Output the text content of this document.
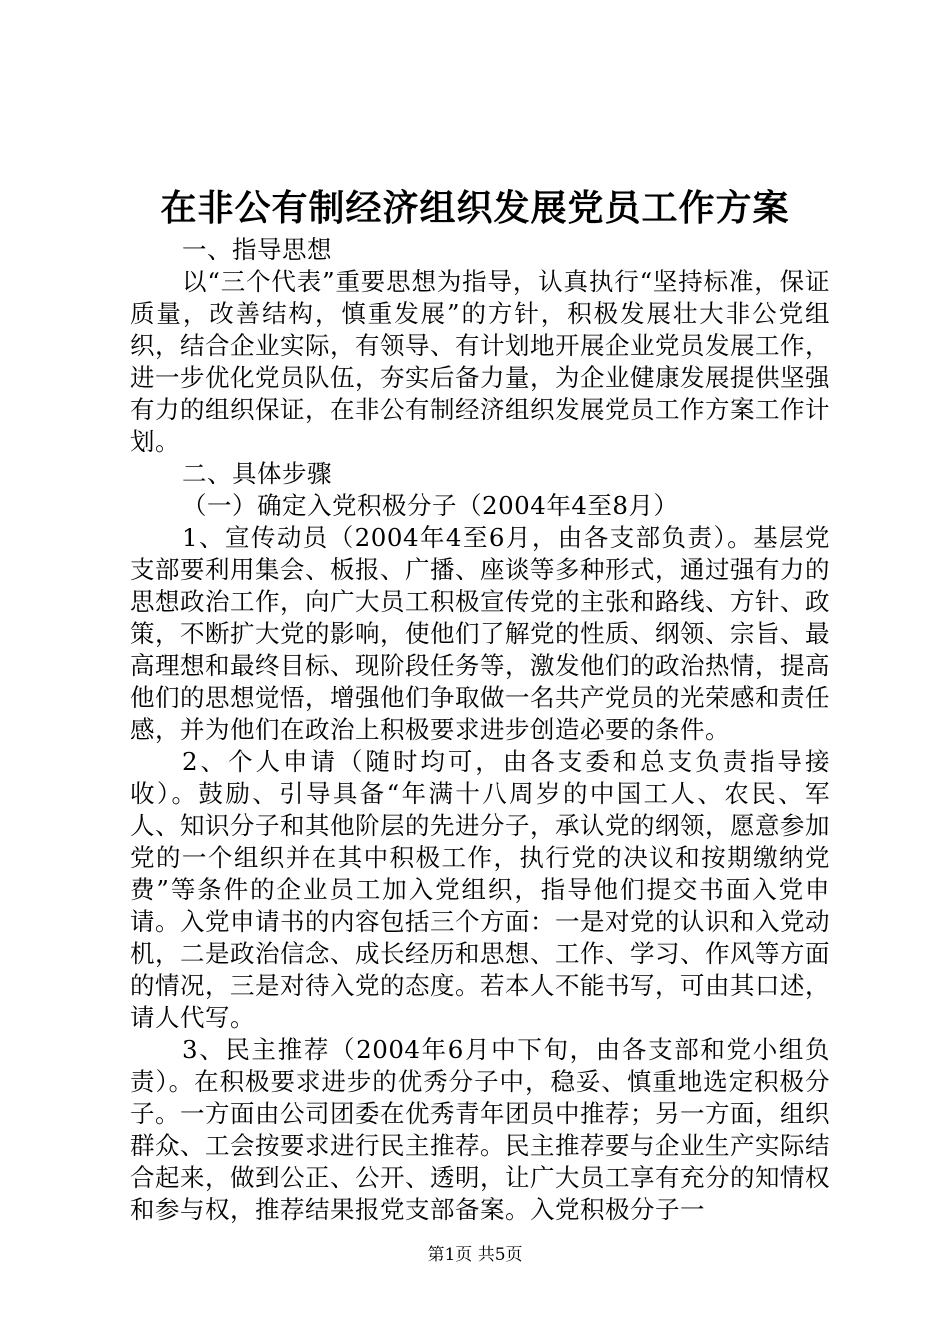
在非公有制经济组织发展党员工作方案

一、指导思想

以“三个代表”重要思想为指导，认真执行“坚持标准，保证质量，改善结构，慎重发展”的方针，积极发展壮大非公党组织，结合企业实际，有领导、有计划地开展企业党员发展工作，进一步优化党员队伍，夯实后备力量，为企业健康发展提供坚强有力的组织保证，在非公有制经济组织发展党员工作方案工作计划。

二、具体步骤

（一）确定入党积极分子（2004年4至8月）

1、宣传动员（2004年4至6月，由各支部负责）。基层党支部要利用集会、板报、广播、座谈等多种形式，通过强有力的思想政治工作，向广大员工积极宣传党的主张和路线、方针、政策，不断扩大党的影响，使他们了解党的性质、纲领、宗旨、最高理想和最终目标、现阶段任务等，激发他们的政治热情，提高他们的思想觉悟，增强他们争取做一名共产党员的光荣感和责任感，并为他们在政治上积极要求进步创造必要的条件。

2、个人申请（随时均可，由各支委和总支负责指导接收）。鼓励、引导具备“年满十八周岁的中国工人、农民、军人、知识分子和其他阶层的先进分子，承认党的纲领，愿意参加党的一个组织并在其中积极工作，执行党的决议和按期缴纳党费”等条件的企业员工加入党组织，指导他们提交书面入党申请。入党申请书的内容包括三个方面：一是对党的认识和入党动机，二是政治信念、成长经历和思想、工作、学习、作风等方面的情况，三是对待入党的态度。若本人不能书写，可由其口述，请人代写。

3、民主推荐（2004年6月中下旬，由各支部和党小组负责）。在积极要求进步的优秀分子中，稳妥、慎重地选定积极分子。一方面由公司团委在优秀青年团员中推荐；另一方面，组织群众、工会按要求进行民主推荐。民主推荐要与企业生产实际结合起来，做到公正、公开、透明，让广大员工享有充分的知情权和参与权，推荐结果报党支部备案。入党积极分子一

第1页 共5页
